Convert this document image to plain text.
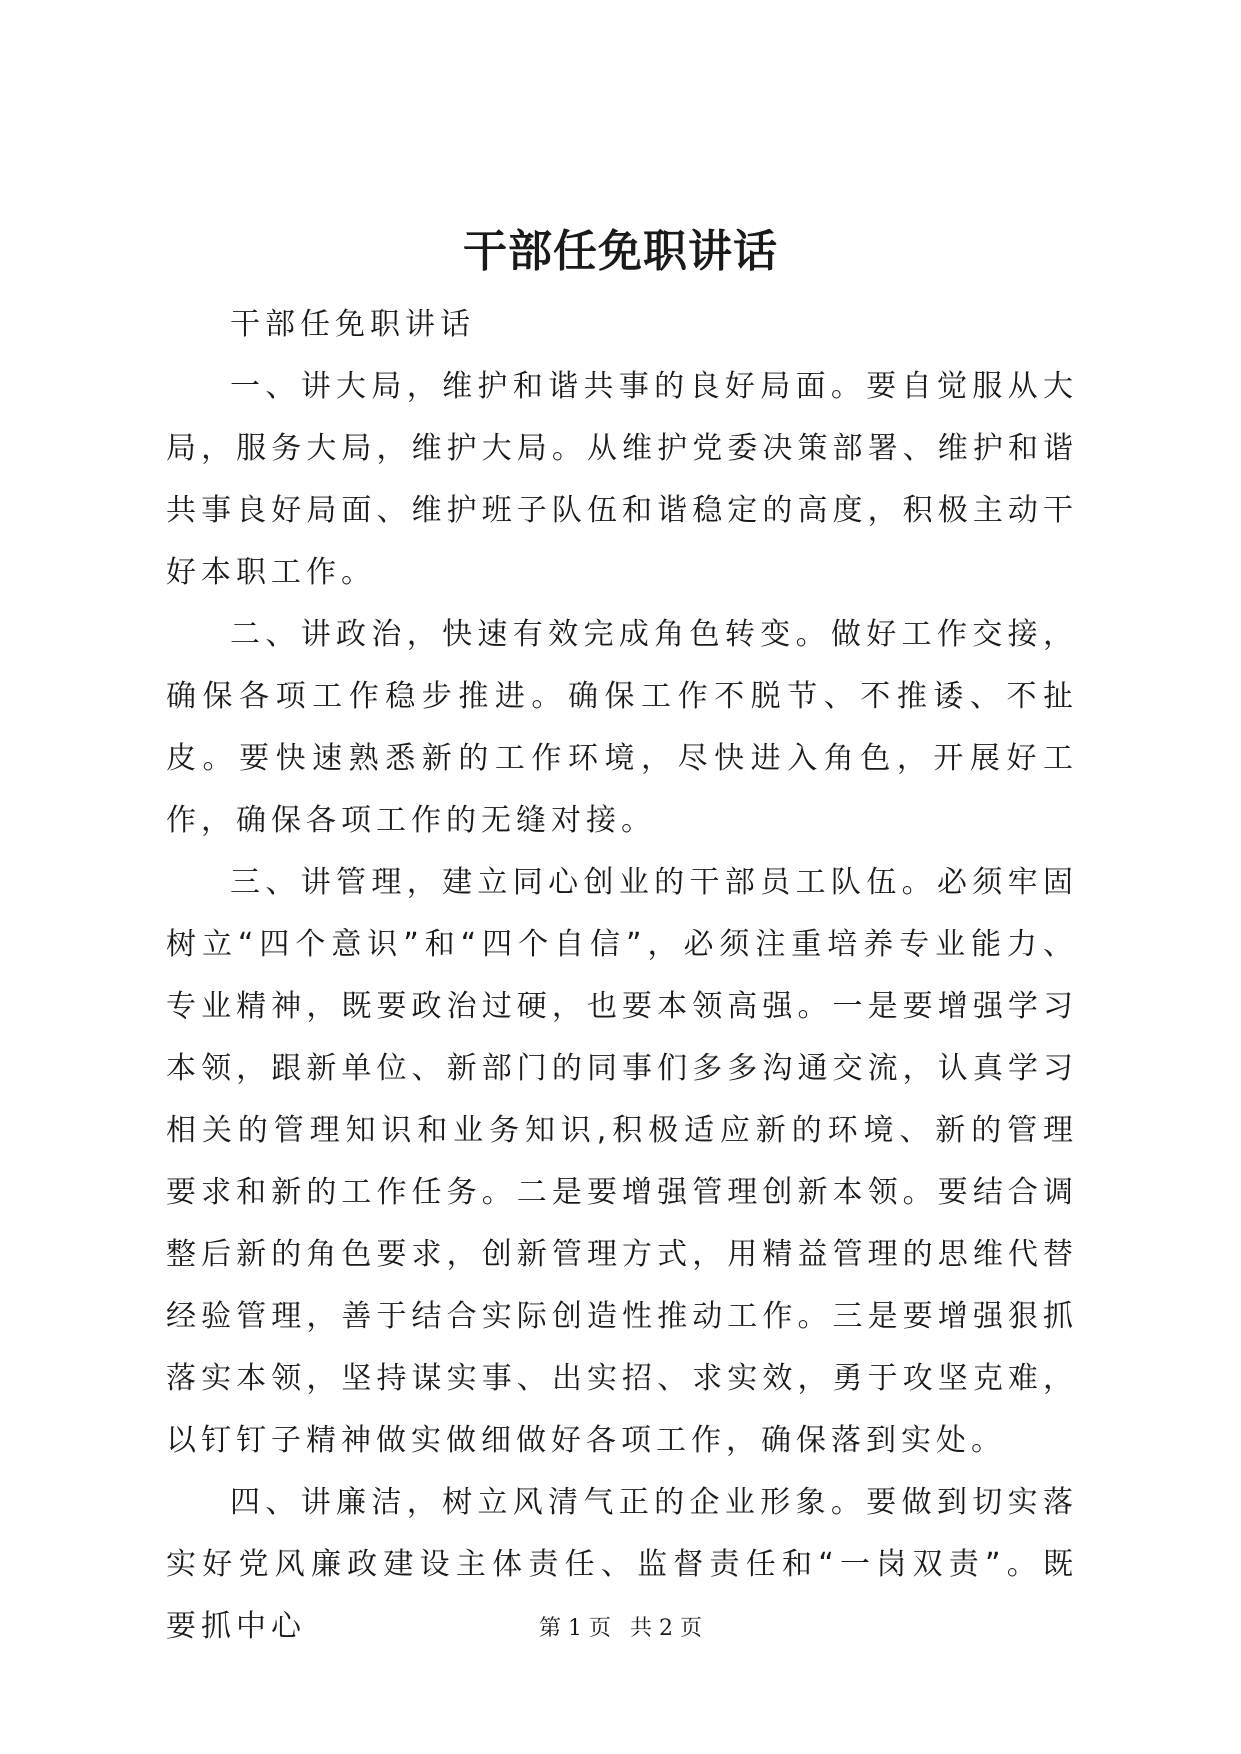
干部任免职讲话

干部任免职讲话

一、讲大局，维护和谐共事的良好局面。要自觉服从大局，服务大局，维护大局。从维护党委决策部署、维护和谐共事良好局面、维护班子队伍和谐稳定的高度，积极主动干好本职工作。

二、讲政治，快速有效完成角色转变。做好工作交接，确保各项工作稳步推进。确保工作不脱节、不推诿、不扯皮。要快速熟悉新的工作环境，尽快进入角色，开展好工作，确保各项工作的无缝对接。

三、讲管理，建立同心创业的干部员工队伍。必须牢固树立“四个意识”和“四个自信”，必须注重培养专业能力、专业精神，既要政治过硬，也要本领高强。一是要增强学习本领，跟新单位、新部门的同事们多多沟通交流，认真学习相关的管理知识和业务知识,积极适应新的环境、新的管理要求和新的工作任务。二是要增强管理创新本领。要结合调整后新的角色要求，创新管理方式，用精益管理的思维代替经验管理，善于结合实际创造性推动工作。三是要增强狠抓落实本领，坚持谋实事、出实招、求实效，勇于攻坚克难，以钉钉子精神做实做细做好各项工作，确保落到实处。

四、讲廉洁，树立风清气正的企业形象。要做到切实落实好党风廉政建设主体责任、监督责任和“一岗双责”。既要抓中心	第 1 页 共 2 页
